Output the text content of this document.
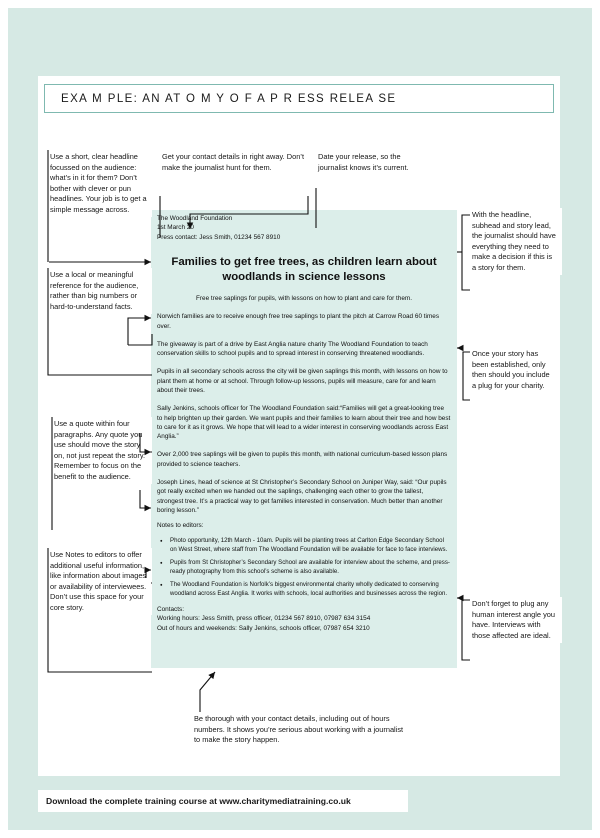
EXA M PLE: AN AT O M Y O F A P R ESS RELEA SE
The Woodland Foundation
1st March 20
Press contact: Jess Smith, 01234 567 8910
Families to get free trees, as children learn about woodlands in science lessons
Free tree saplings for pupils, with lessons on how to plant and care for them.

Norwich families are to receive enough free tree saplings to plant the pitch at Carrow Road 60 times over.

The giveaway is part of a drive by East Anglia nature charity The Woodland Foundation to teach conservation skills to school pupils and to spread interest in conserving threatened woodlands.

Pupils in all secondary schools across the city will be given saplings this month, with lessons on how to plant them at home or at school. Through follow-up lessons, pupils will measure, care for and learn about their trees.

Sally Jenkins, schools officer for The Woodland Foundation said:“Families will get a great-looking tree to help brighten up their garden. We want pupils and their families to learn about their tree and how best to care for it as it grows. We hope that will lead to a wider interest in conserving woodlands across East Anglia.”

Over 2,000 tree saplings will be given to pupils this month, with national curriculum-based lesson plans provided to science teachers.

Joseph Lines, head of science at St Christopher’s Secondary School on Juniper Way, said: “Our pupils got really excited when we handed out the saplings, challenging each other to grow the tallest, strongest tree. It’s a practical way to get families interested in conservation. Much better than another boring lesson.”

Notes to editors:
● Photo opportunity, 12th March - 10am. Pupils will be planting trees at Carlton Edge Secondary School on West Street, where staff from The Woodland Foundation will be available for face to face interviews.
● Pupils from St Christopher’s Secondary School are available for interview about the scheme, and press-ready photography from this school’s scheme is also available.
● The Woodland Foundation is Norfolk’s biggest environmental charity wholly dedicated to conserving woodland across East Anglia. It works with schools, local authorities and businesses across the region.
Contacts:
Working hours: Jess Smith, press officer, 01234 567 8910, 07987 634 3154
Out of hours and weekends: Sally Jenkins, schools officer, 07987 654 3210
Use a short, clear headline focussed on the audience: what’s in it for them? Don’t bother with clever or pun headlines. Your job is to get a simple message across.
Get your contact details in right away. Don’t make the journalist hunt for them.
Date your release, so the journalist knows it’s current.
Use a local or meaningful reference for the audience, rather than big numbers or hard-to-understand facts.
Use a quote within four paragraphs. Any quote you use should move the story on, not just repeat the story. Remember to focus on the benefit to the audience.
Use Notes to editors to offer additional useful information, like information about images or availability of interviewees. Don’t use this space for your core story.
With the headline, subhead and story lead, the journalist should have everything they need to make a decision if this is a story for them.
Once your story has been established, only then should you include a plug for your charity.
Don’t forget to plug any human interest angle you have. Interviews with those affected are ideal.
Be thorough with your contact details, including out of hours numbers. It shows you’re serious about working with a journalist to make the story happen.
Download the complete training course at www.charitymediatraining.co.uk
